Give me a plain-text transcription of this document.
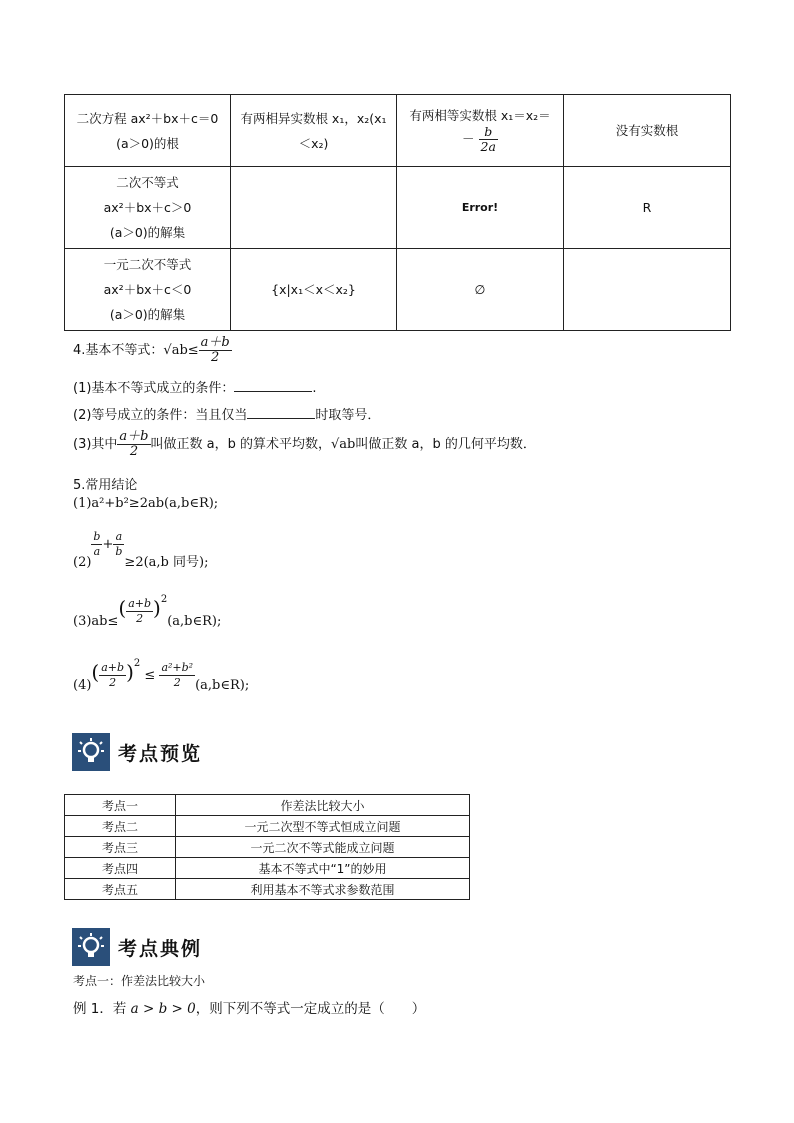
二次方程 ax²＋bx＋c＝0
(a＞0)的根	有两相异实数根 x₁，x₂(x₁
＜x₂)	有两相等实数根 x₁＝x₂＝
－ $\frac{b}{2a}$	没有实数根
二次不等式
ax²＋bx＋c＞0
(a＞0)的解集		Error!	R
一元二次不等式
ax²＋bx＋c＜0
(a＞0)的解集	{x|x₁＜x＜x₂}	∅	
4.基本不等式：$√ab\le \frac{a+b}{2}$
(1)基本不等式成立的条件：	.
(2)等号成立的条件：当且仅当	时取等号．
(3)其中 $\frac{a+b}{2}$ 叫做正数 a，b 的算术平均数，√ab叫做正数 a，b 的几何平均数．
5.常用结论
(1)a²+b²≥2ab(a,b∈R);
(2)
$\frac{b}{a} + \frac{a}{b}$
≥2(a,b 同号);
$(3)ab\le( \frac{a+b}{2}$ )$^2(a,b\in R)$;
$(4)( \frac{a+b}{2} )^2 \le \frac{\text{a²+b²}}{2}$ (a,b∈R);
考点预览
考点一	作差法比较大小
考点二	一元二次型不等式恒成立问题
考点三	一元二次不等式能成立问题
考点四	基本不等式中“1”的妙用
考点五	利用基本不等式求参数范围
考点典例
考点一：作差法比较大小
例 1．若 a > b > 0，则下列不等式一定成立的是（　　）
